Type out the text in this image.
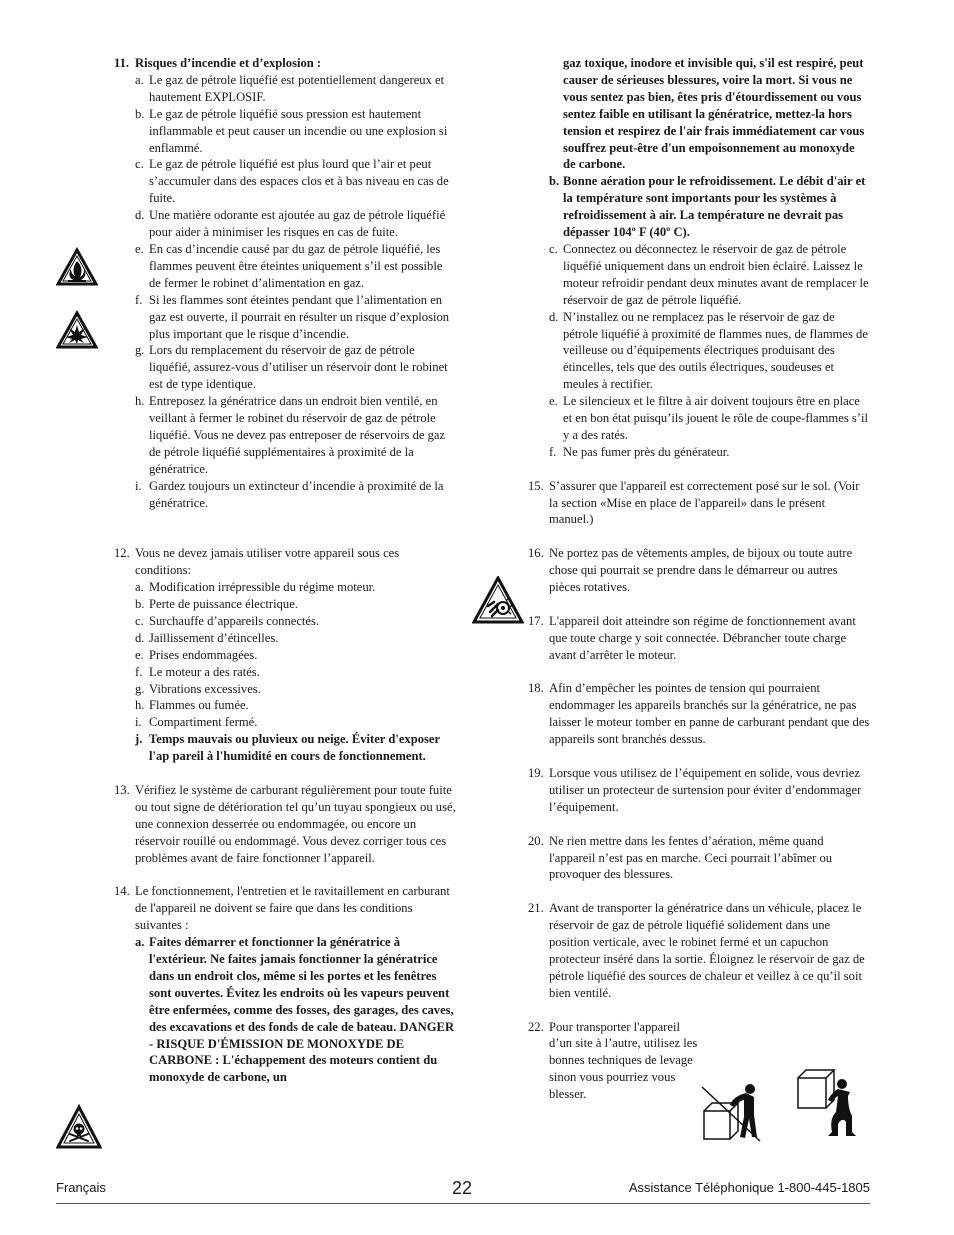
11. Risques d’incendie et d’explosion :
a. Le gaz de pétrole liquéfié est potentiellement dangereux et hautement EXPLOSIF.
b. Le gaz de pétrole liquéfié sous pression est hautement inflammable et peut causer un incendie ou une explosion si enflammé.
c. Le gaz de pétrole liquéfié est plus lourd que l’air et peut s’accumuler dans des espaces clos et à bas niveau en cas de fuite.
d. Une matière odorante est ajoutée au gaz de pétrole liquéfié pour aider à minimiser les risques en cas de fuite.
e. En cas d’incendie causé par du gaz de pétrole liquéfié, les flammes peuvent être éteintes uniquement s’il est possible de fermer le robinet d’alimentation en gaz.
f. Si les flammes sont éteintes pendant que l’alimentation en gaz est ouverte, il pourrait en résulter un risque d’explosion plus important que le risque d’incendie.
g. Lors du remplacement du réservoir de gaz de pétrole liquéfié, assurez-vous d’utiliser un réservoir dont le robinet est de type identique.
h. Entreposez la génératrice dans un endroit bien ventilé, en veillant à fermer le robinet du réservoir de gaz de pétrole liquéfié. Vous ne devez pas entreposer de réservoirs de gaz de pétrole liquéfié supplémentaires à proximité de la génératrice.
i. Gardez toujours un extincteur d’incendie à proximité de la génératrice.
12. Vous ne devez jamais utiliser votre appareil sous ces conditions:
a. Modification irrépressible du régime moteur.
b. Perte de puissance électrique.
c. Surchauffe d’appareils connectés.
d. Jaillissement d’étincelles.
e. Prises endommagées.
f. Le moteur a des ratés.
g. Vibrations excessives.
h. Flammes ou fumée.
i. Compartiment fermé.
j. Temps mauvais ou pluvieux ou neige. Éviter d'exposer l'ap pareil à l'humidité en cours de fonctionnement.
13. Vérifiez le système de carburant régulièrement pour toute fuite ou tout signe de détérioration tel qu’un tuyau spongieux ou usé, une connexion desserrée ou endommagée, ou encore un réservoir rouillé ou endommagé. Vous devez corriger tous ces problèmes avant de faire fonctionner l’appareil.
14. Le fonctionnement, l'entretien et le ravitaillement en carburant de l'appareil ne doivent se faire que dans les conditions suivantes :
a. Faites démarrer et fonctionner la génératrice à l'extérieur. Ne faites jamais fonctionner la génératrice dans un endroit clos, même si les portes et les fenêtres sont ouvertes. Évitez les endroits où les vapeurs peuvent être enfermées, comme des fosses, des garages, des caves, des excavations et des fonds de cale de bateau. DANGER - RISQUE D'ÉMISSION DE MONOXYDE DE CARBONE : L'échappement des moteurs contient du monoxyde de carbone, un
gaz toxique, inodore et invisible qui, s'il est respiré, peut causer de sérieuses blessures, voire la mort. Si vous ne vous sentez pas bien, êtes pris d'étourdissement ou vous sentez faible en utilisant la génératrice, mettez-la hors tension et respirez de l'air frais immédiatement car vous souffrez peut-être d'un empoisonnement au monoxyde de carbone.
b. Bonne aération pour le refroidissement. Le débit d'air et la température sont importants pour les systèmes à refroidissement à air. La température ne devrait pas dépasser 104º F (40º C).
c. Connectez ou déconnectez le réservoir de gaz de pétrole liquéfié uniquement dans un endroit bien éclairé. Laissez le moteur refroidir pendant deux minutes avant de remplacer le réservoir de gaz de pétrole liquéfié.
d. N’installez ou ne remplacez pas le réservoir de gaz de pétrole liquéfié à proximité de flammes nues, de flammes de veilleuse ou d’équipements électriques produisant des étincelles, tels que des outils électriques, soudeuses et meules à rectifier.
e. Le silencieux et le filtre à air doivent toujours être en place et en bon état puisqu’ils jouent le rôle de coupe-flammes s’il y a des ratés.
f. Ne pas fumer près du générateur.
15. S’assurer que l'appareil est correctement posé sur le sol. (Voir la section «Mise en place de l'appareil» dans le présent manuel.)
16. Ne portez pas de vêtements amples, de bijoux ou toute autre chose qui pourrait se prendre dans le démarreur ou autres pièces rotatives.
17. L'appareil doit atteindre son régime de fonctionnement avant que toute charge y soit connectée. Débrancher toute charge avant d’arrêter le moteur.
18. Afin d’empêcher les pointes de tension qui pourraient endommager les appareils branchés sur la génératrice, ne pas laisser le moteur tomber en panne de carburant pendant que des appareils sont branchés dessus.
19. Lorsque vous utilisez de l’équipement en solide, vous devriez utiliser un protecteur de surtension pour éviter d’endommager l’équipement.
20. Ne rien mettre dans les fentes d’aération, même quand l'appareil n’est pas en marche. Ceci pourrait l’abîmer ou provoquer des blessures.
21. Avant de transporter la génératrice dans un véhicule, placez le réservoir de gaz de pétrole liquéfié solidement dans une position verticale, avec le robinet fermé et un capuchon protecteur inséré dans la sortie. Éloignez le réservoir de gaz de pétrole liquéfié des sources de chaleur et veillez à ce qu’il soit bien ventilé.
22. Pour transporter l'appareil d’un site à l’autre, utilisez les bonnes techniques de levage sinon vous pourriez vous blesser.
Français	22	Assistance Téléphonique 1-800-445-1805
